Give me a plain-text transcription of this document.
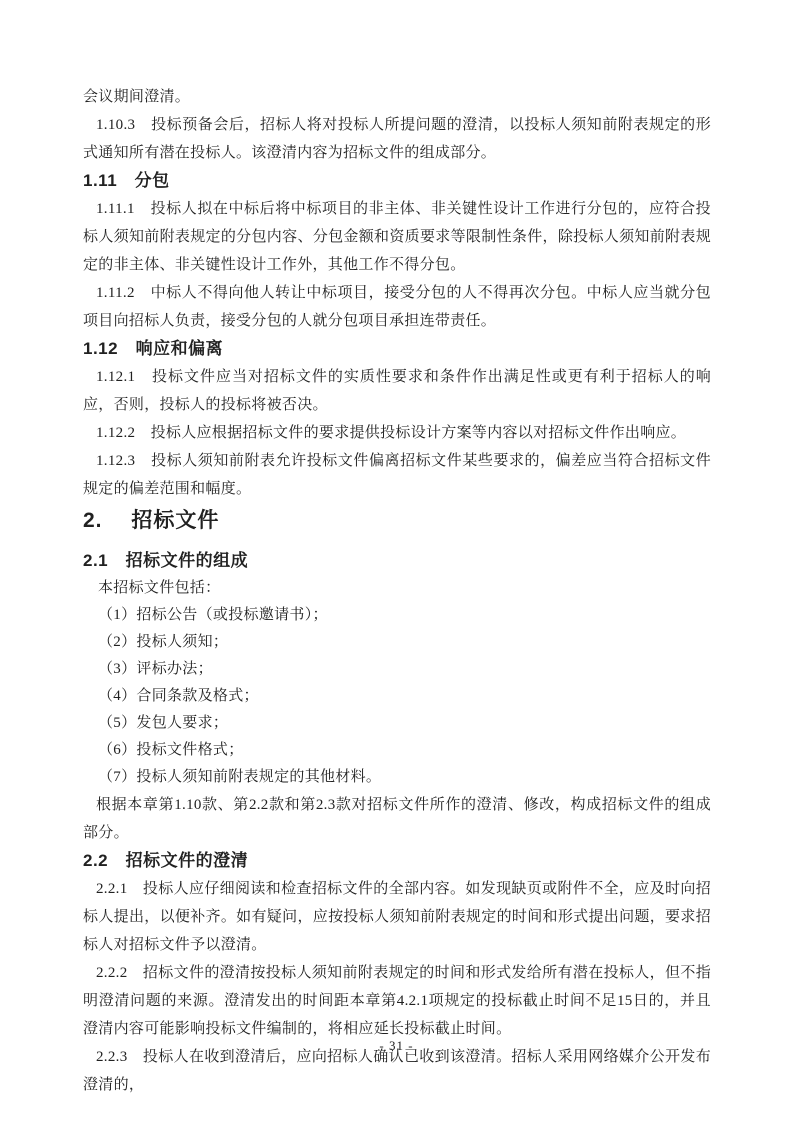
会议期间澄清。

1.10.3　投标预备会后，招标人将对投标人所提问题的澄清，以投标人须知前附表规定的形式通知所有潜在投标人。该澄清内容为招标文件的组成部分。

1.11　分包

1.11.1　投标人拟在中标后将中标项目的非主体、非关键性设计工作进行分包的，应符合投标人须知前附表规定的分包内容、分包金额和资质要求等限制性条件，除投标人须知前附表规定的非主体、非关键性设计工作外，其他工作不得分包。

1.11.2　中标人不得向他人转让中标项目，接受分包的人不得再次分包。中标人应当就分包项目向招标人负责，接受分包的人就分包项目承担连带责任。

1.12　响应和偏离

1.12.1　投标文件应当对招标文件的实质性要求和条件作出满足性或更有利于招标人的响应，否则，投标人的投标将被否决。

1.12.2　投标人应根据招标文件的要求提供投标设计方案等内容以对招标文件作出响应。

1.12.3　投标人须知前附表允许投标文件偏离招标文件某些要求的，偏差应当符合招标文件规定的偏差范围和幅度。

2.　 招标文件
2.1　招标文件的组成

本招标文件包括：

（1）招标公告（或投标邀请书）；

（2）投标人须知；

（3）评标办法；

（4）合同条款及格式；

（5）发包人要求；

（6）投标文件格式；

（7）投标人须知前附表规定的其他材料。

根据本章第1.10款、第2.2款和第2.3款对招标文件所作的澄清、修改，构成招标文件的组成部分。

2.2　招标文件的澄清

2.2.1　投标人应仔细阅读和检查招标文件的全部内容。如发现缺页或附件不全，应及时向招标人提出，以便补齐。如有疑问，应按投标人须知前附表规定的时间和形式提出问题，要求招标人对招标文件予以澄清。

2.2.2　招标文件的澄清按投标人须知前附表规定的时间和形式发给所有潜在投标人，但不指明澄清问题的来源。澄清发出的时间距本章第4.2.1项规定的投标截止时间不足15日的，并且澄清内容可能影响投标文件编制的，将相应延长投标截止时间。

2.2.3　投标人在收到澄清后，应向招标人确认已收到该澄清。招标人采用网络媒介公开发布澄清的，

- 31 -
